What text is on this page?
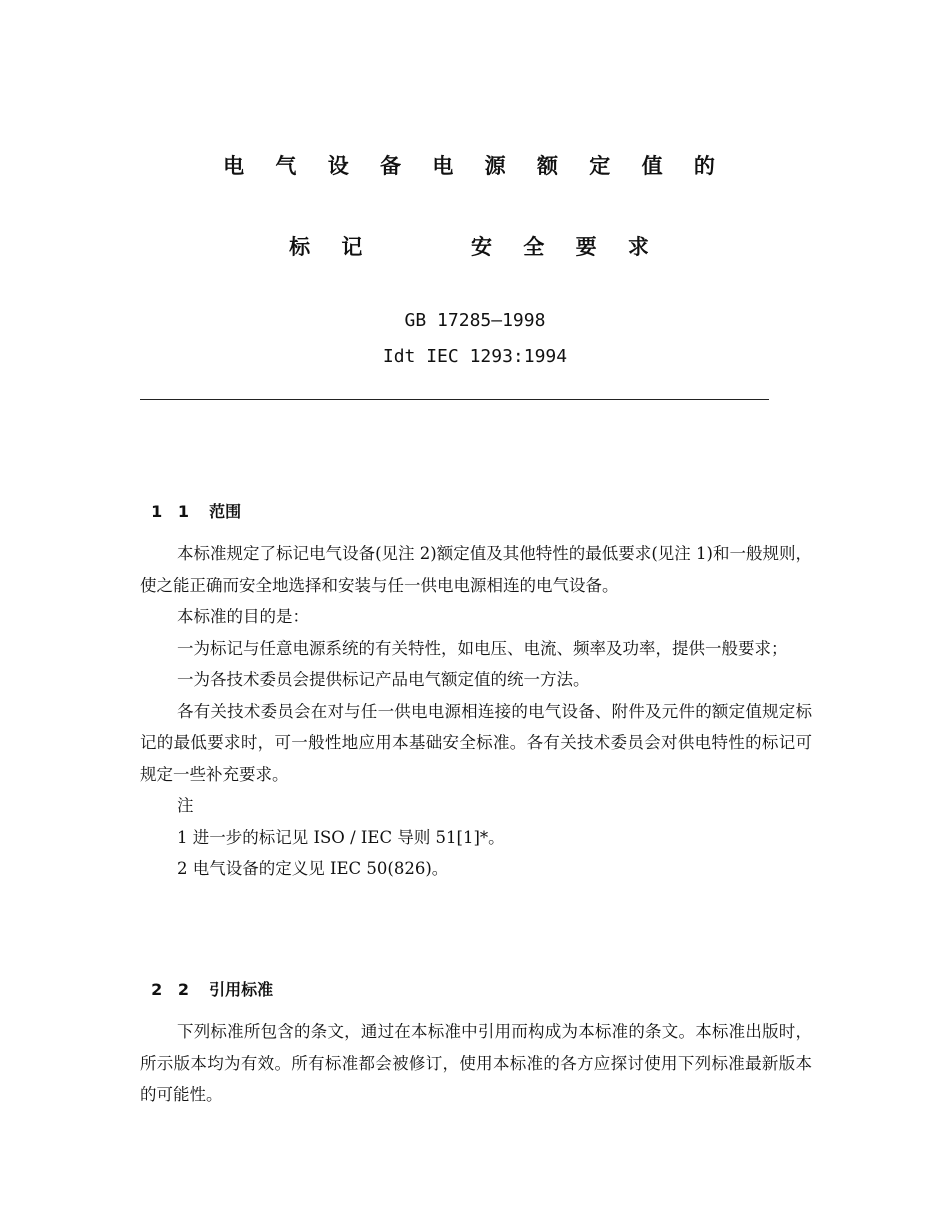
电 气 设 备 电 源 额 定 值 的
标 记     安 全 要 求
GB 17285—1998
Idt IEC 1293:1994

1 1 范围

本标准规定了标记电气设备(见注 2)额定值及其他特性的最低要求(见注 1)和一般规则，使之能正确而安全地选择和安装与任一供电电源相连的电气设备。

本标准的目的是：

一为标记与任意电源系统的有关特性，如电压、电流、频率及功率，提供一般要求；

一为各技术委员会提供标记产品电气额定值的统一方法。

各有关技术委员会在对与任一供电电源相连接的电气设备、附件及元件的额定值规定标记的最低要求时，可一般性地应用本基础安全标准。各有关技术委员会对供电特性的标记可规定一些补充要求。

注

1 进一步的标记见 ISO / IEC 导则 51[1]*。

2 电气设备的定义见 IEC 50(826)。

2 2 引用标准

下列标准所包含的条文，通过在本标准中引用而构成为本标准的条文。本标准出版时，所示版本均为有效。所有标准都会被修订，使用本标准的各方应探讨使用下列标准最新版本的可能性。
